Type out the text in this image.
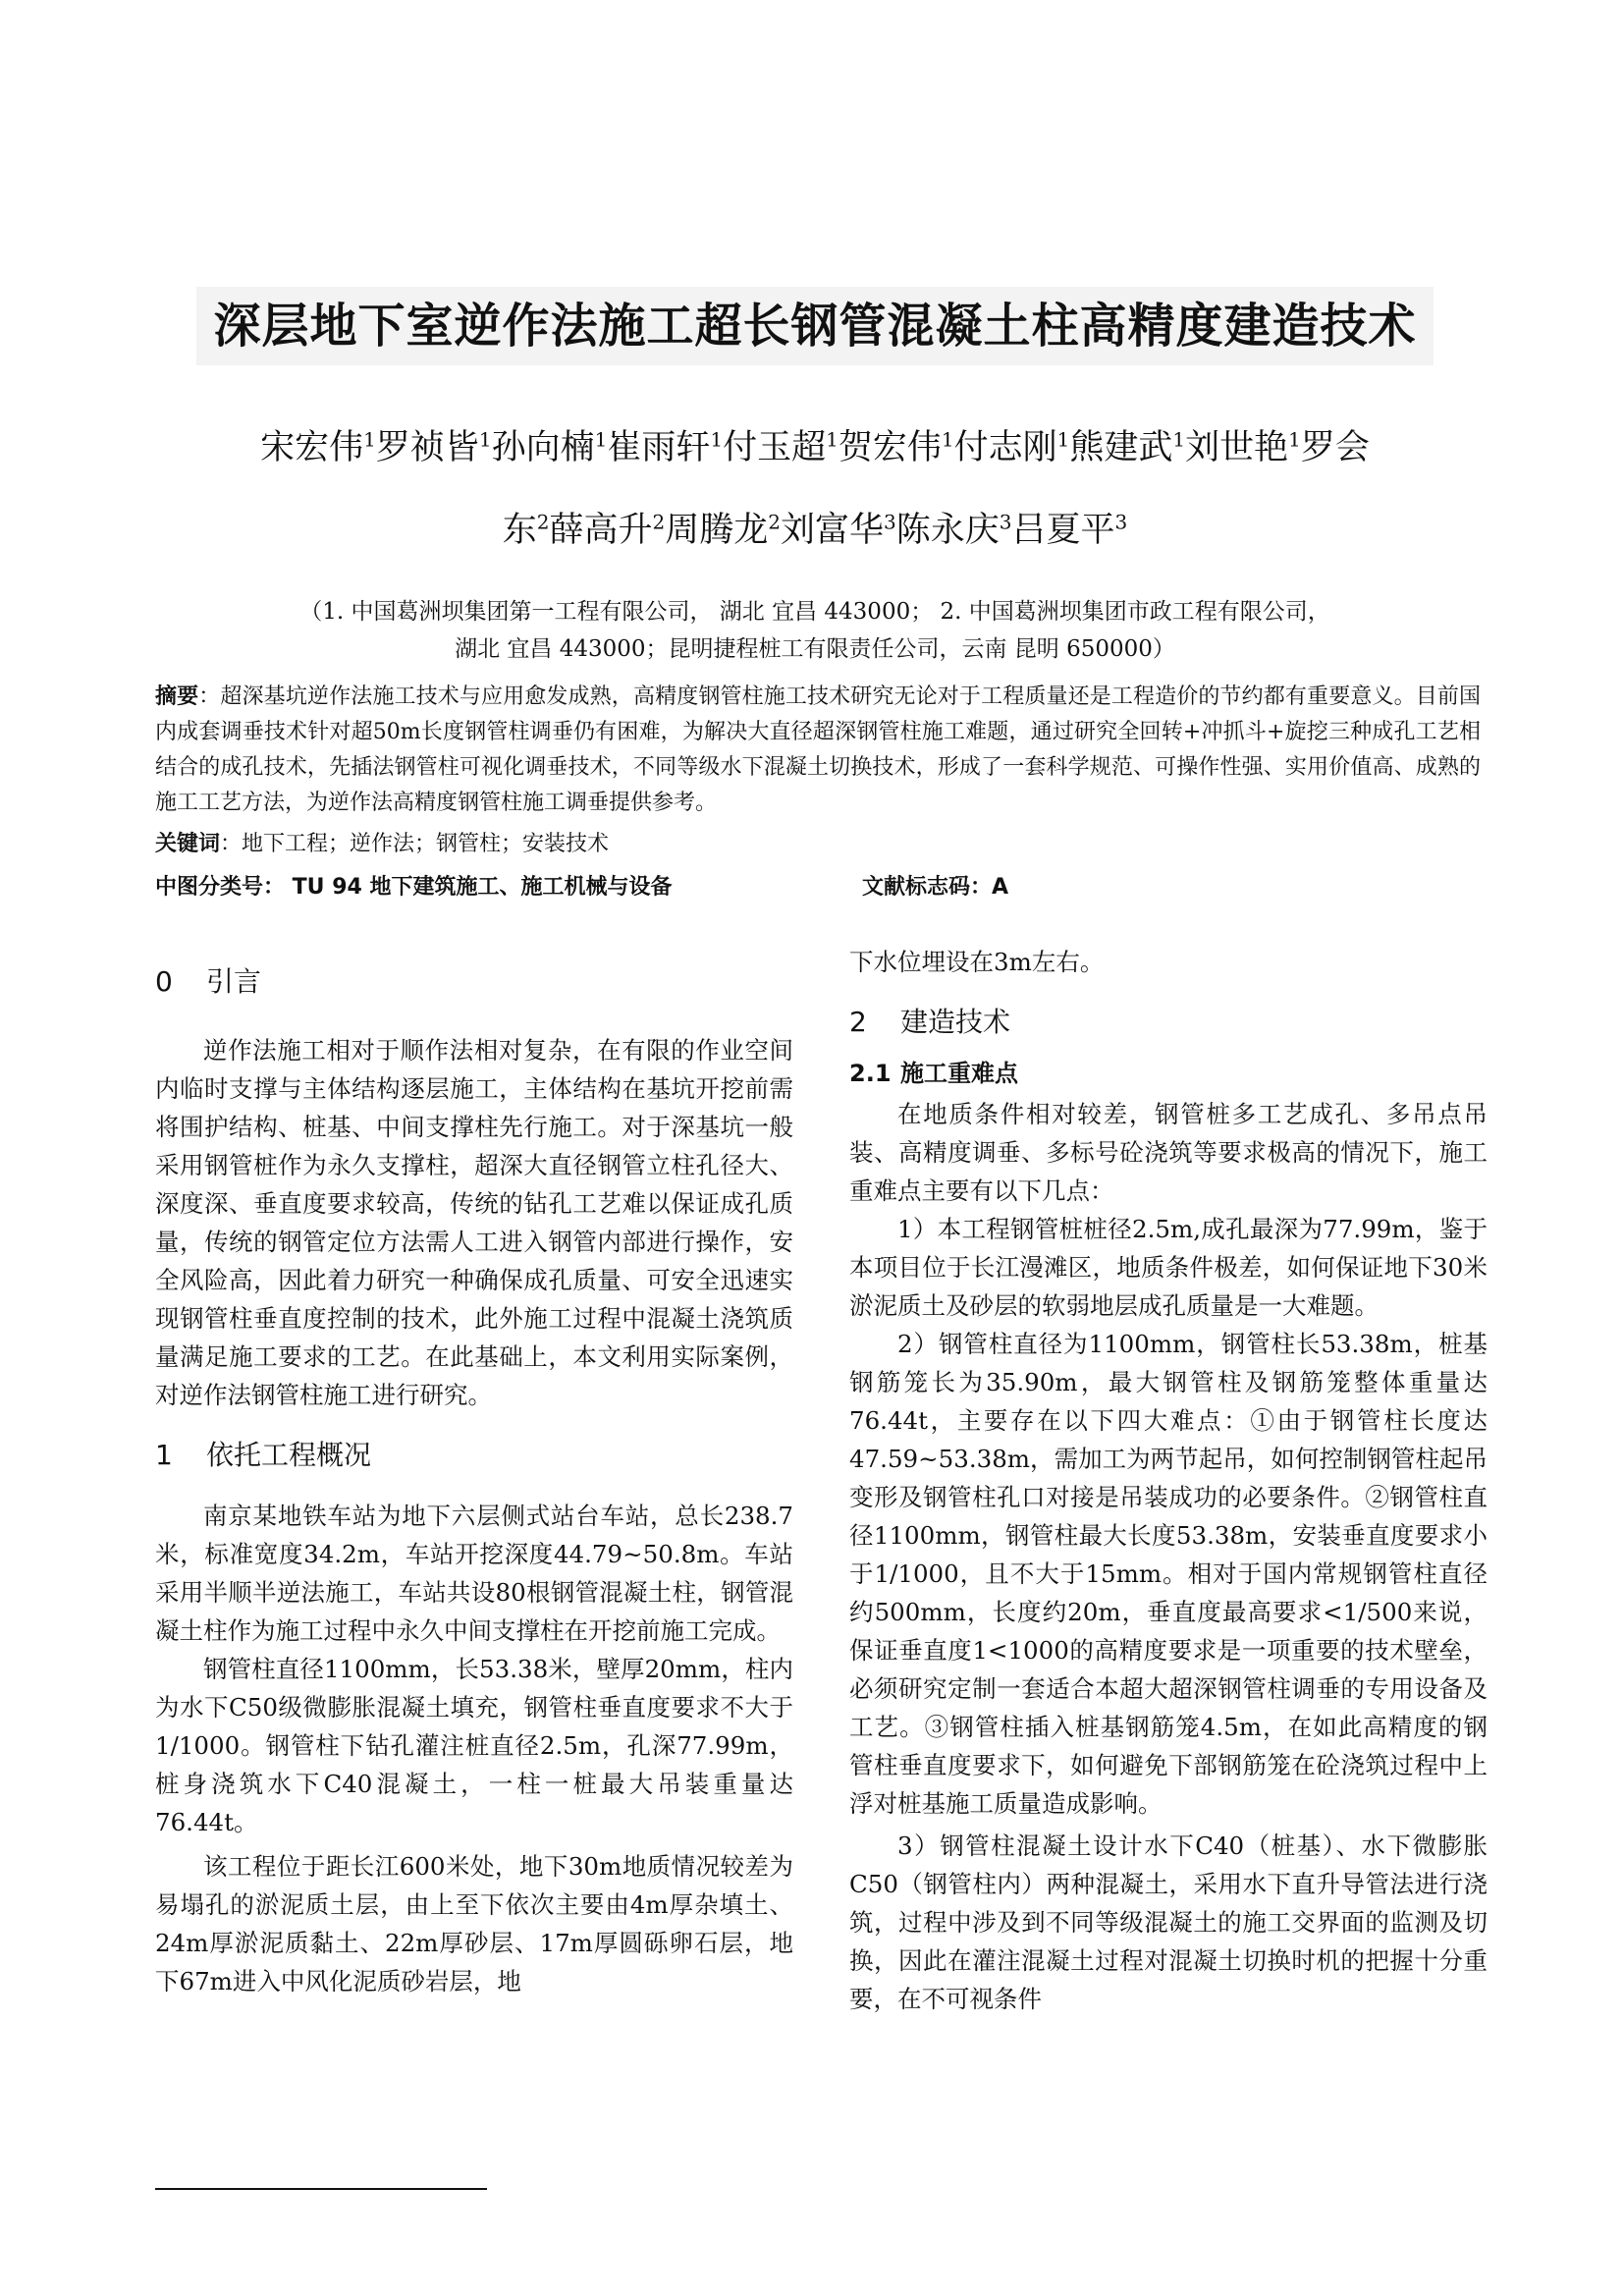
深层地下室逆作法施工超长钢管混凝土柱高精度建造技术
宋宏伟$^1$罗祯皆$^1$孙向楠$^1$崔雨轩$^1$付玉超$^1$贺宏伟$^1$付志刚$^1$熊建武$^1$刘世艳$^1$罗会
东$^2$薛高升$^2$周腾龙$^2$刘富华$^3$陈永庆$^3$吕夏平$^3$
（1. 中国葛洲坝集团第一工程有限公司， 湖北 宜昌 443000； 2. 中国葛洲坝集团市政工程有限公司，
湖北 宜昌 443000；昆明捷程桩工有限责任公司，云南 昆明 650000）
摘要：超深基坑逆作法施工技术与应用愈发成熟，高精度钢管柱施工技术研究无论对于工程质量还是工程造价的节约都有重要意义。目前国内成套调垂技术针对超50m长度钢管柱调垂仍有困难，为解决大直径超深钢管柱施工难题，通过研究全回转+冲抓斗+旋挖三种成孔工艺相结合的成孔技术，先插法钢管柱可视化调垂技术，不同等级水下混凝土切换技术，形成了一套科学规范、可操作性强、实用价值高、成熟的施工工艺方法，为逆作法高精度钢管柱施工调垂提供参考。
关键词：地下工程；逆作法；钢管柱；安装技术
中图分类号： TU 94 地下建筑施工、施工机械与设备	文献标志码：A
0 引言

逆作法施工相对于顺作法相对复杂，在有限的作业空间内临时支撑与主体结构逐层施工，主体结构在基坑开挖前需将围护结构、桩基、中间支撑柱先行施工。对于深基坑一般采用钢管桩作为永久支撑柱，超深大直径钢管立柱孔径大、深度深、垂直度要求较高，传统的钻孔工艺难以保证成孔质量，传统的钢管定位方法需人工进入钢管内部进行操作，安全风险高，因此着力研究一种确保成孔质量、可安全迅速实现钢管柱垂直度控制的技术，此外施工过程中混凝土浇筑质量满足施工要求的工艺。在此基础上，本文利用实际案例，对逆作法钢管柱施工进行研究。

1 依托工程概况

南京某地铁车站为地下六层侧式站台车站，总长238.7米，标准宽度34.2m，车站开挖深度44.79~50.8m。车站采用半顺半逆法施工，车站共设80根钢管混凝土柱，钢管混凝土柱作为施工过程中永久中间支撑柱在开挖前施工完成。

钢管柱直径1100mm，长53.38米，壁厚20mm，柱内为水下C50级微膨胀混凝土填充，钢管柱垂直度要求不大于1/1000。钢管柱下钻孔灌注桩直径2.5m，孔深77.99m，桩身浇筑水下C40混凝土，一柱一桩最大吊装重量达76.44t。

该工程位于距长江600米处，地下30m地质情况较差为易塌孔的淤泥质土层，由上至下依次主要由4m厚杂填土、24m厚淤泥质黏土、22m厚砂层、17m厚圆砾卵石层，地下67m进入中风化泥质砂岩层，地

下水位埋设在3m左右。

2 建造技术
2.1 施工重难点

在地质条件相对较差，钢管桩多工艺成孔、多吊点吊装、高精度调垂、多标号砼浇筑等要求极高的情况下，施工重难点主要有以下几点：

1）本工程钢管桩桩径2.5m,成孔最深为77.99m，鉴于本项目位于长江漫滩区，地质条件极差，如何保证地下30米淤泥质土及砂层的软弱地层成孔质量是一大难题。

2）钢管柱直径为1100mm，钢管柱长53.38m，桩基钢筋笼长为35.90m，最大钢管柱及钢筋笼整体重量达76.44t，主要存在以下四大难点：①由于钢管柱长度达47.59~53.38m，需加工为两节起吊，如何控制钢管柱起吊变形及钢管柱孔口对接是吊装成功的必要条件。②钢管柱直径1100mm，钢管柱最大长度53.38m，安装垂直度要求小于1/1000，且不大于15mm。相对于国内常规钢管柱直径约500mm，长度约20m，垂直度最高要求<1/500来说，保证垂直度1<1000的高精度要求是一项重要的技术壁垒，必须研究定制一套适合本超大超深钢管柱调垂的专用设备及工艺。③钢管柱插入桩基钢筋笼4.5m，在如此高精度的钢管柱垂直度要求下，如何避免下部钢筋笼在砼浇筑过程中上浮对桩基施工质量造成影响。

3）钢管柱混凝土设计水下C40（桩基）、水下微膨胀C50（钢管柱内）两种混凝土，采用水下直升导管法进行浇筑，过程中涉及到不同等级混凝土的施工交界面的监测及切换，因此在灌注混凝土过程对混凝土切换时机的把握十分重要，在不可视条件
